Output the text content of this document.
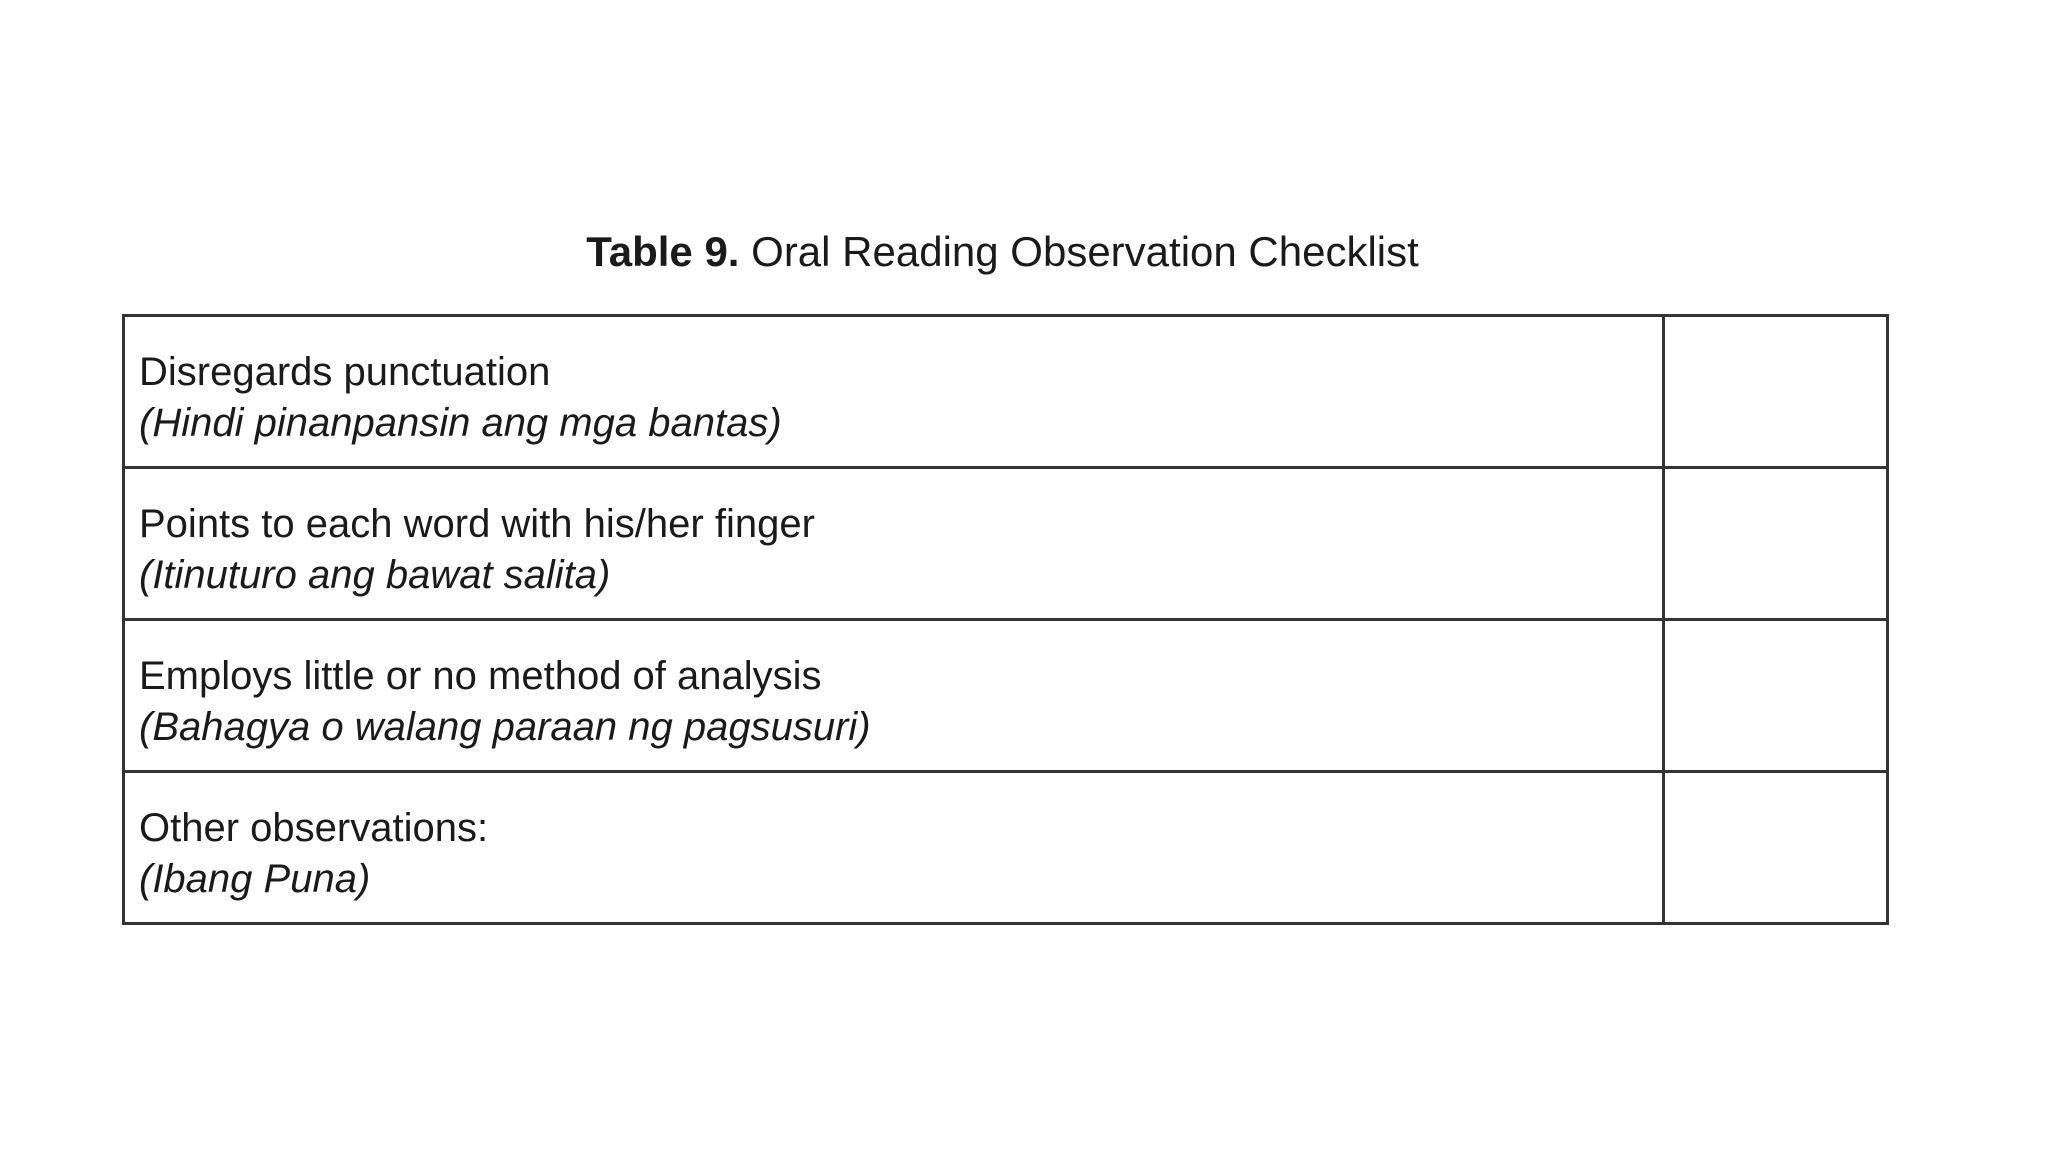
Table 9. Oral Reading Observation Checklist
Disregards punctuation
(Hindi pinanpansin ang mga bantas)	

Points to each word with his/her finger
(Itinuturo ang bawat salita)	

Employs little or no method of analysis
(Bahagya o walang paraan ng pagsusuri)	

Other observations:
(Ibang Puna)	
